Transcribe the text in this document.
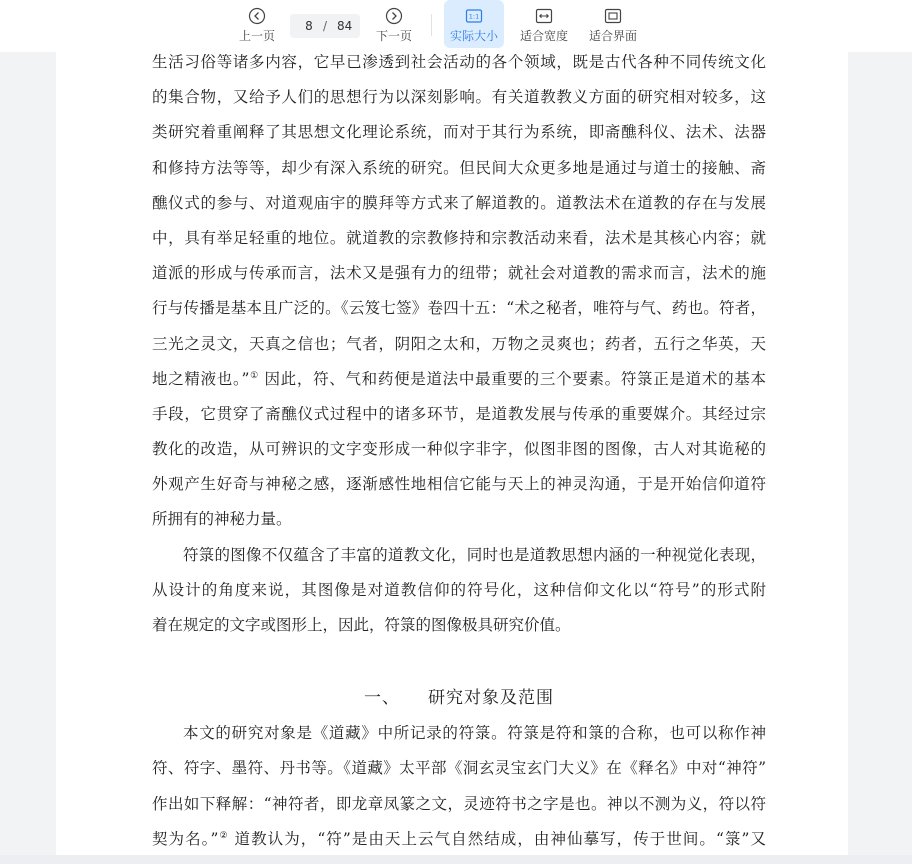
上一页
8 / 84
下一页
1:1
实际大小 适合宽度 适合界面
生活习俗等诸多内容，它早已渗透到社会活动的各个领域，既是古代各种不同传统文化
的集合物，又给予人们的思想行为以深刻影响。有关道教教义方面的研究相对较多，这
类研究着重阐释了其思想文化理论系统，而对于其行为系统，即斋醮科仪、法术、法器
和修持方法等等，却少有深入系统的研究。但民间大众更多地是通过与道士的接触、斋
醮仪式的参与、对道观庙宇的膜拜等方式来了解道教的。道教法术在道教的存在与发展
中，具有举足轻重的地位。就道教的宗教修持和宗教活动来看，法术是其核心内容；就
道派的形成与传承而言，法术又是强有力的纽带；就社会对道教的需求而言，法术的施
行与传播是基本且广泛的。《云笈七签》卷四十五：“术之秘者，唯符与气、药也。符者，
三光之灵文，天真之信也；气者，阴阳之太和，万物之灵爽也；药者，五行之华英，天
地之精液也。”① 因此，符、气和药便是道法中最重要的三个要素。符箓正是道术的基本
手段，它贯穿了斋醮仪式过程中的诸多环节，是道教发展与传承的重要媒介。其经过宗
教化的改造，从可辨识的文字变形成一种似字非字，似图非图的图像，古人对其诡秘的
外观产生好奇与神秘之感，逐渐感性地相信它能与天上的神灵沟通，于是开始信仰道符
所拥有的神秘力量。
符箓的图像不仅蕴含了丰富的道教文化，同时也是道教思想内涵的一种视觉化表现，
从设计的角度来说，其图像是对道教信仰的符号化，这种信仰文化以“符号”的形式附
着在规定的文字或图形上，因此，符箓的图像极具研究价值。
一、 研究对象及范围
本文的研究对象是《道藏》中所记录的符箓。符箓是符和箓的合称，也可以称作神
符、符字、墨符、丹书等。《道藏》太平部《洞玄灵宝玄门大义》在《释名》中对“神符”
作出如下释解：“神符者，即龙章凤篆之文，灵迹符书之字是也。神以不测为义，符以符
契为名。”② 道教认为，“符”是由天上云气自然结成，由神仙摹写，传于世间。“箓”又
